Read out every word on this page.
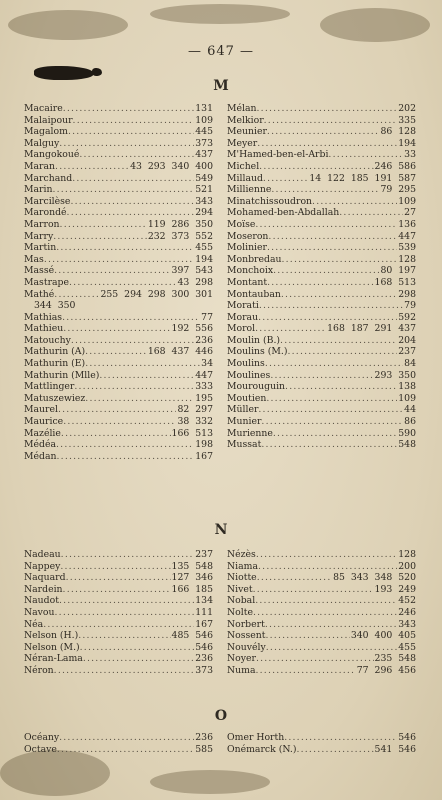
— 647 —
M
Macaire .....	131
Malaipour .....	109
Magalom .....	445
Malguy .....	373
Mangokoué .....	437
Maran .....	43 293 340 400
Marchand .....	549
Marin .....	521
Marcilèse .....	343
Marondé .....	294
Marron .....	119 286 350
Marry .....	232 373 552
Martin .....	455
Mas .....	194
Massé .....	397 543
Mastrape .....	43 298
Mathé .....	255 294 298 300 301
344 350
Mathias .....	77
Mathieu .....	192 556
Matouchy .....	236
Mathurin (A) .....	168 437 446
Mathurin (E) .....	34
Mathurin (Mlle) .....	447
Mattlinger .....	333
Matuszewiez .....	195
Maurel .....	82 297
Maurice .....	38 332
Mazélie .....	166 513
Médéa .....	198
Médan .....	167
Mélan .....	202
Melkior .....	335
Meunier .....	86 128
Meyer .....	194
M'Hamed-ben-el-Arbi .....	33
Michel .....	246 586
Millaud .....	14 122 185 191 587
Millienne .....	79 295
Minatchissoudron .....	109
Mohamed-ben-Abdallah .....	27
Moïse .....	136
Moseron .....	447
Molinier .....	539
Monbredau .....	128
Monchoix .....	80 197
Montant .....	168 513
Montauban .....	298
Morati .....	79
Morau .....	592
Morol .....	168 187 291 437
Moulin (B.) .....	204
Moulins (M.) .....	237
Moulins .....	84
Moulines .....	293 350
Mourouguin .....	138
Moutien .....	109
Müller .....	44
Munier .....	86
Murienne .....	590
Mussat .....	548
N
Nadeau .....	237
Nappey .....	135 548
Naquard .....	127 346
Nardein .....	166 185
Naudot .....	134
Navou .....	111
Néa .....	167
Nelson (H.) .....	485 546
Nelson (M.) .....	546
Néran-Lama .....	236
Néron .....	373
Nézès .....	128
Niama .....	200
Niotte .....	85 343 348 520
Nivet .....	193 249
Nobal .....	452
Nolte .....	246
Norbert .....	343
Nossent .....	340 400 405
Nouvély .....	455
Noyer .....	235 548
Numa .....	77 296 456
O
Océany .....	236
Octave .....	585
Omer Horth .....	546
Onémarck (N.) .....	541 546
